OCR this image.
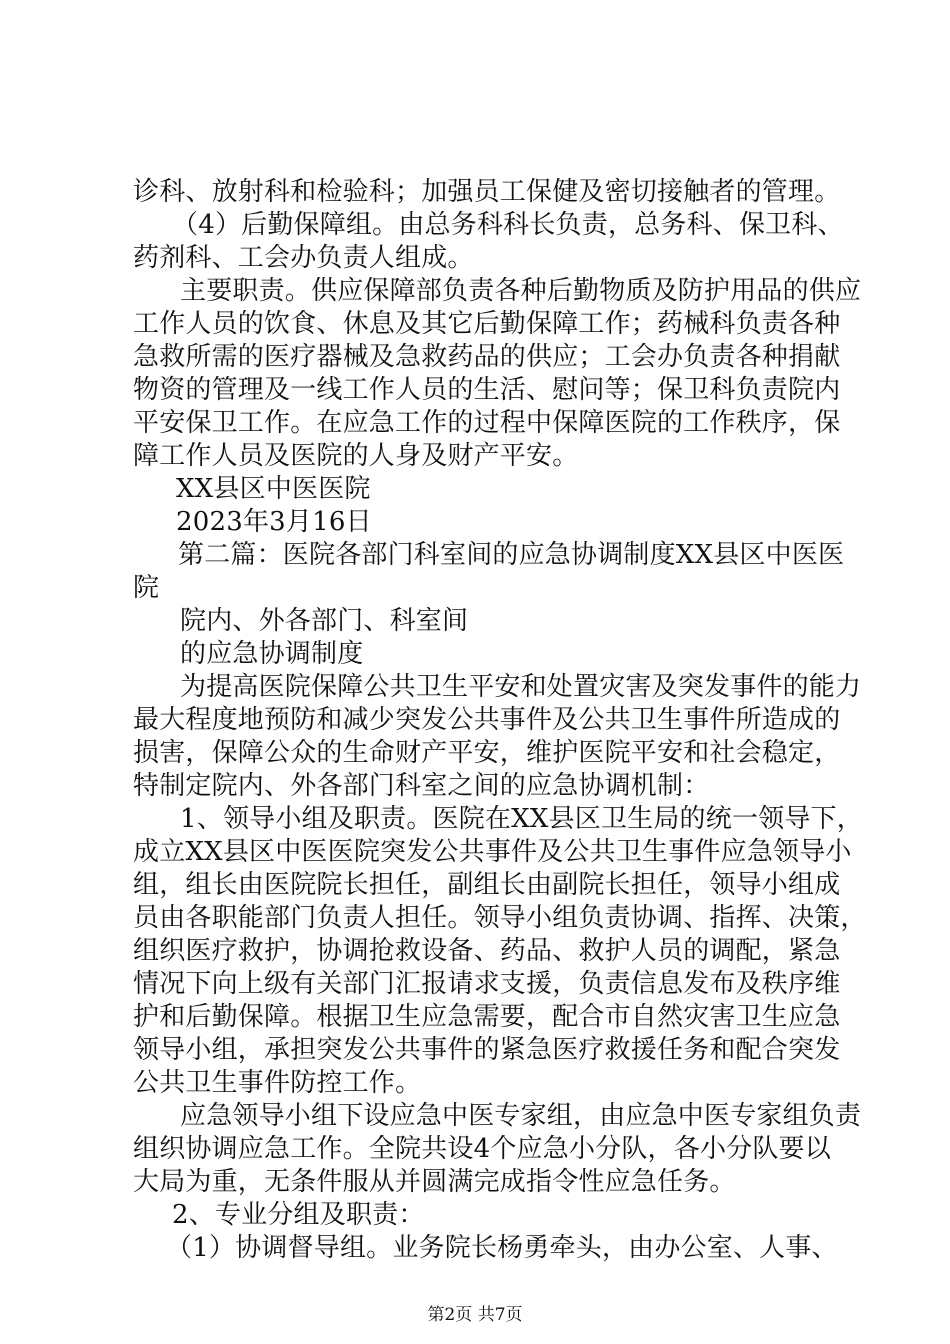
诊科、放射科和检验科；加强员工保健及密切接触者的管理。
（4）后勤保障组。由总务科科长负责，总务科、保卫科、
药剂科、工会办负责人组成。
主要职责。供应保障部负责各种后勤物质及防护用品的供应
工作人员的饮食、休息及其它后勤保障工作；药械科负责各种
急救所需的医疗器械及急救药品的供应；工会办负责各种捐献
物资的管理及一线工作人员的生活、慰问等；保卫科负责院内
平安保卫工作。在应急工作的过程中保障医院的工作秩序，保
障工作人员及医院的人身及财产平安。
XX县区中医医院
2023年3月16日
第二篇：医院各部门科室间的应急协调制度XX县区中医医
院
院内、外各部门、科室间
的应急协调制度
为提高医院保障公共卫生平安和处置灾害及突发事件的能力
最大程度地预防和减少突发公共事件及公共卫生事件所造成的
损害，保障公众的生命财产平安，维护医院平安和社会稳定，
特制定院内、外各部门科室之间的应急协调机制：
1、领导小组及职责。医院在XX县区卫生局的统一领导下，
成立XX县区中医医院突发公共事件及公共卫生事件应急领导小
组，组长由医院院长担任，副组长由副院长担任，领导小组成
员由各职能部门负责人担任。领导小组负责协调、指挥、决策，
组织医疗救护，协调抢救设备、药品、救护人员的调配，紧急
情况下向上级有关部门汇报请求支援，负责信息发布及秩序维
护和后勤保障。根据卫生应急需要，配合市自然灾害卫生应急
领导小组，承担突发公共事件的紧急医疗救援任务和配合突发
公共卫生事件防控工作。
应急领导小组下设应急中医专家组，由应急中医专家组负责
组织协调应急工作。全院共设4个应急小分队，各小分队要以
大局为重，无条件服从并圆满完成指令性应急任务。
2、专业分组及职责：
（1）协调督导组。业务院长杨勇牵头，由办公室、人事、
第2页 共7页
